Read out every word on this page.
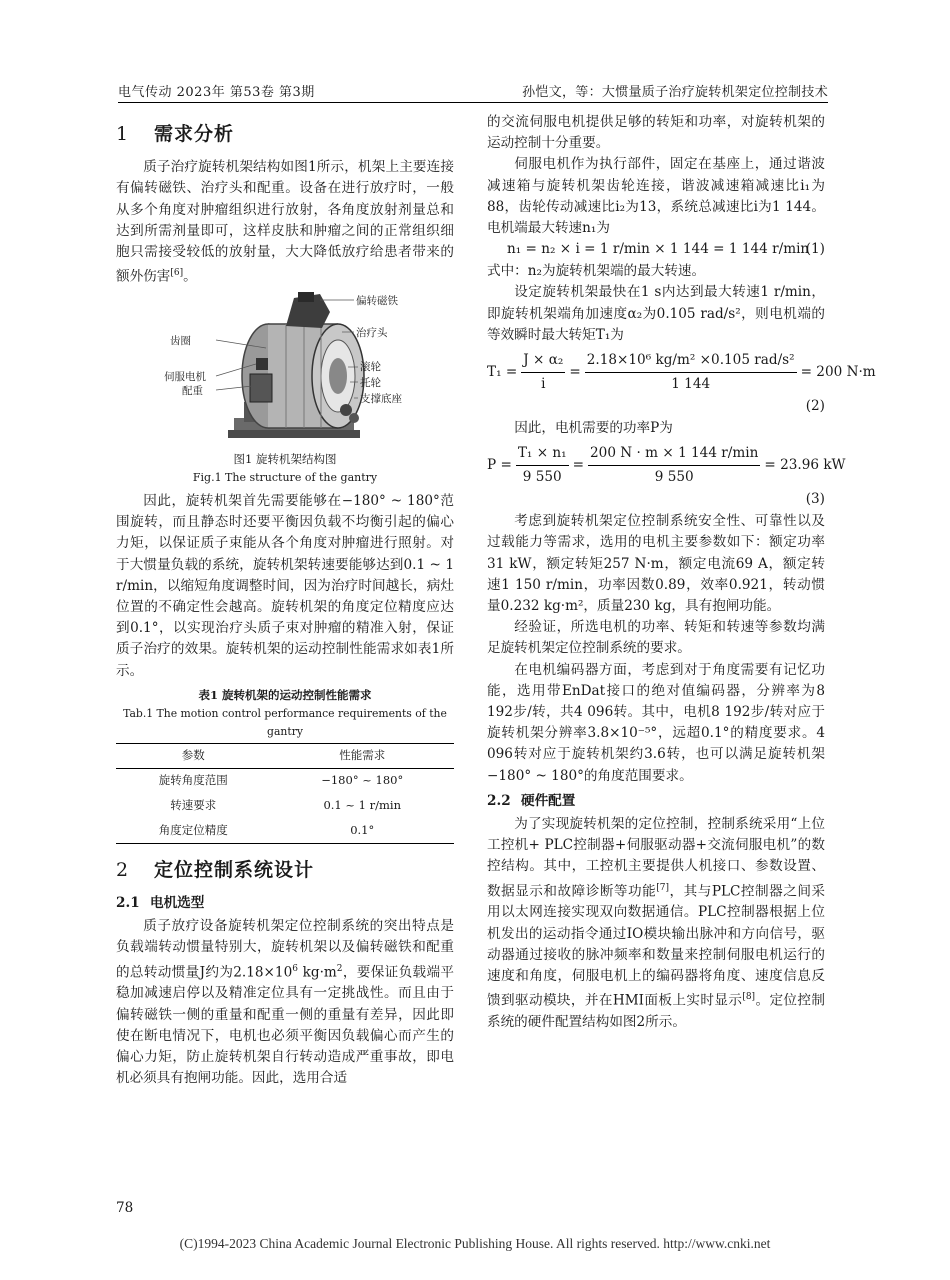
电气传动 2023年 第53卷 第3期	孙恺文，等：大惯量质子治疗旋转机架定位控制技术
1 需求分析

质子治疗旋转机架结构如图1所示，机架上主要连接有偏转磁铁、治疗头和配重。设备在进行放疗时，一般从多个角度对肿瘤组织进行放射，各角度放射剂量总和达到所需剂量即可，这样皮肤和肿瘤之间的正常组织细胞只需接受较低的放射量，大大降低放疗给患者带来的额外伤害[6]。

偏转磁铁
齿圈
治疗头
伺服电机
滚轮
配重
托轮
支撑底座
图1 旋转机架结构图
Fig.1 The structure of the gantry

因此，旋转机架首先需要能够在−180° ~ 180°范围旋转，而且静态时还要平衡因负载不均衡引起的偏心力矩，以保证质子束能从各个角度对肿瘤进行照射。对于大惯量负载的系统，旋转机架转速要能够达到0.1 ~ 1 r/min，以缩短角度调整时间，因为治疗时间越长，病灶位置的不确定性会越高。旋转机架的角度定位精度应达到0.1°，以实现治疗头质子束对肿瘤的精准入射，保证质子治疗的效果。旋转机架的运动控制性能需求如表1所示。

表1 旋转机架的运动控制性能需求
Tab.1 The motion control performance requirements of the gantry
参数	性能需求
旋转角度范围	−180° ~ 180°
转速要求	0.1 ~ 1 r/min
角度定位精度	0.1°
2 定位控制系统设计
2.1 电机选型

质子放疗设备旋转机架定位控制系统的突出特点是负载端转动惯量特别大，旋转机架以及偏转磁铁和配重的总转动惯量J约为$2.18\times 10^6$ $kg\cdot m^2$，要保证负载端平稳加减速启停以及精准定位具有一定挑战性。而且由于偏转磁铁一侧的重量和配重一侧的重量有差异，因此即使在断电情况下，电机也必须平衡因负载偏心而产生的偏心力矩，防止旋转机架自行转动造成严重事故，即电机必须具有抱闸功能。因此，选用合适

的交流伺服电机提供足够的转矩和功率，对旋转机架的运动控制十分重要。

伺服电机作为执行部件，固定在基座上，通过谐波减速箱与旋转机架齿轮连接，谐波减速箱减速比i₁为88，齿轮传动减速比i₂为13，系统总减速比i为1 144。电机端最大转速n₁为

n₁ = n₂ × i = 1 r/min × 1 144 = 1 144 r/min
(1)

式中：n₂为旋转机架端的最大转速。

设定旋转机架最快在1 s内达到最大转速1 r/min，即旋转机架端角加速度α₂为0.105 rad/s²，则电机端的等效瞬时最大转矩T₁为

$T_1 = \frac{\text{J × α₂}}{i} = \frac{\text{2.18×10⁶ kg/m² ×0.105 rad/s²}}{1 144} = 200$ N·m
(2)

因此，电机需要的功率P为

$P = \frac{\text{T₁ × n₁}}{9 550} = \frac{200 N \cdot m \times 1 144 r/\min}{9 550} = 23.96$ kW
(3)

考虑到旋转机架定位控制系统安全性、可靠性以及过载能力等需求，选用的电机主要参数如下：额定功率31 kW，额定转矩257 N·m，额定电流69 A，额定转速1 150 r/min，功率因数0.89，效率0.921，转动惯量0.232 kg·m²，质量230 kg，具有抱闸功能。

经验证，所选电机的功率、转矩和转速等参数均满足旋转机架定位控制系统的要求。

在电机编码器方面，考虑到对于角度需要有记忆功能，选用带EnDat接口的绝对值编码器，分辨率为8 192步/转，共4 096转。其中，电机8 192步/转对应于旋转机架分辨率3.8×10⁻⁵°，远超0.1°的精度要求。4 096转对应于旋转机架约3.6转，也可以满足旋转机架−180° ~ 180°的角度范围要求。

2.2 硬件配置

为了实现旋转机架的定位控制，控制系统采用“上位工控机+ PLC控制器+伺服驱动器+交流伺服电机”的数控结构。其中，工控机主要提供人机接口、参数设置、数据显示和故障诊断等功能[7]，其与PLC控制器之间采用以太网连接实现双向数据通信。PLC控制器根据上位机发出的运动指令通过IO模块输出脉冲和方向信号，驱动器通过接收的脉冲频率和数量来控制伺服电机运行的速度和角度，伺服电机上的编码器将角度、速度信息反馈到驱动模块，并在HMI面板上实时显示[8]。定位控制系统的硬件配置结构如图2所示。

78
(C)1994-2023 China Academic Journal Electronic Publishing House. All rights reserved. http://www.cnki.net
